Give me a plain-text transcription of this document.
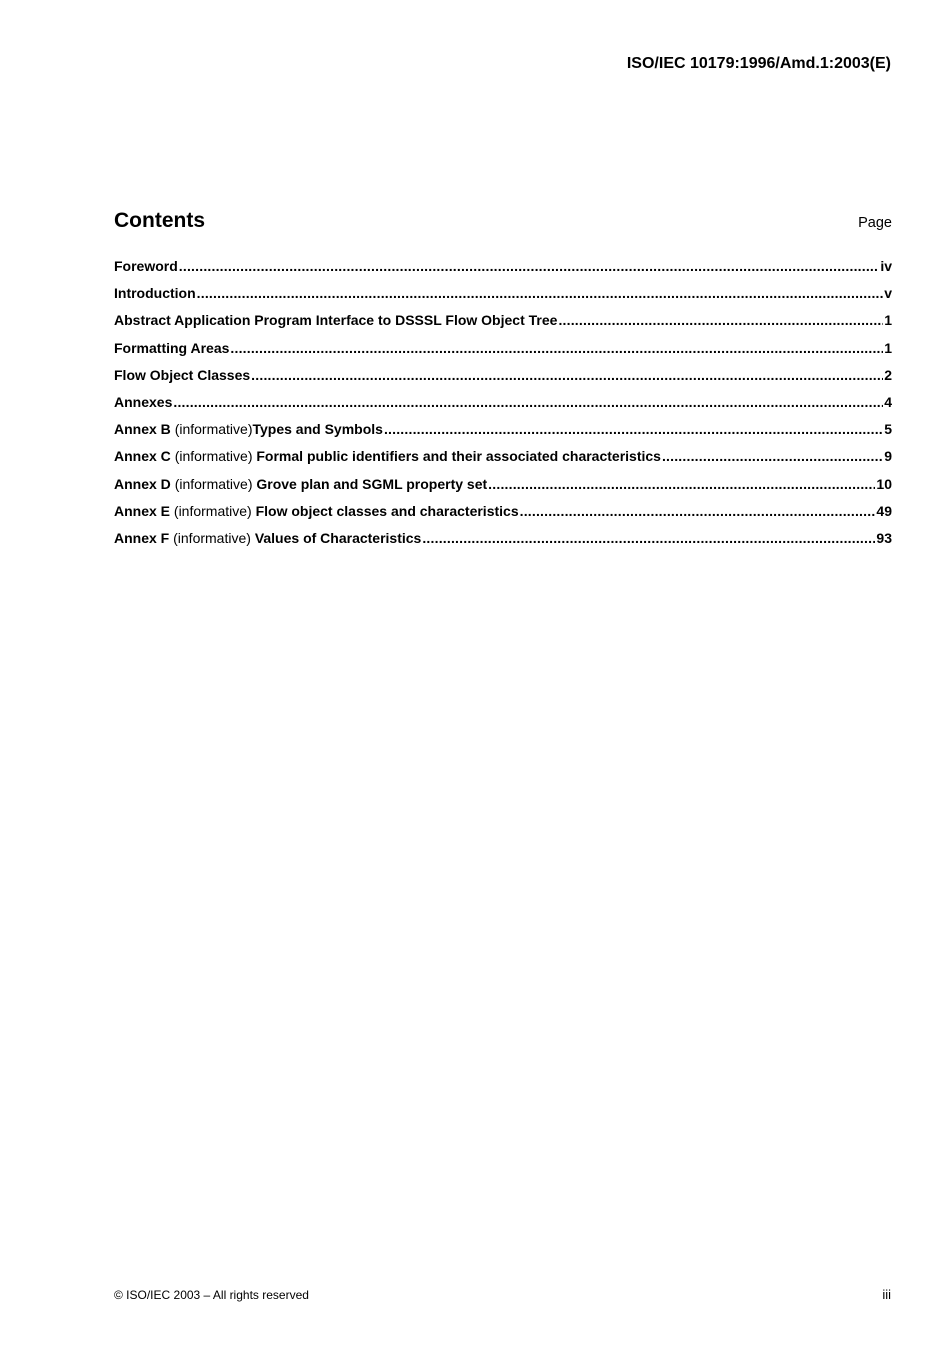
ISO/IEC 10179:1996/Amd.1:2003(E)
Contents	Page
Foreword .....	iv
Introduction .....	v
Abstract Application Program Interface to DSSSL Flow Object Tree .....	1
Formatting Areas .....	1
Flow Object Classes .....	2
Annexes .....	4
Annex B (informative)Types and Symbols .....	5
Annex C (informative) Formal public identifiers and their associated characteristics .....	9
Annex D (informative) Grove plan and SGML property set .....	10
Annex E (informative) Flow object classes and characteristics .....	49
Annex F (informative) Values of Characteristics .....	93
© ISO/IEC 2003 – All rights reserved	iii
